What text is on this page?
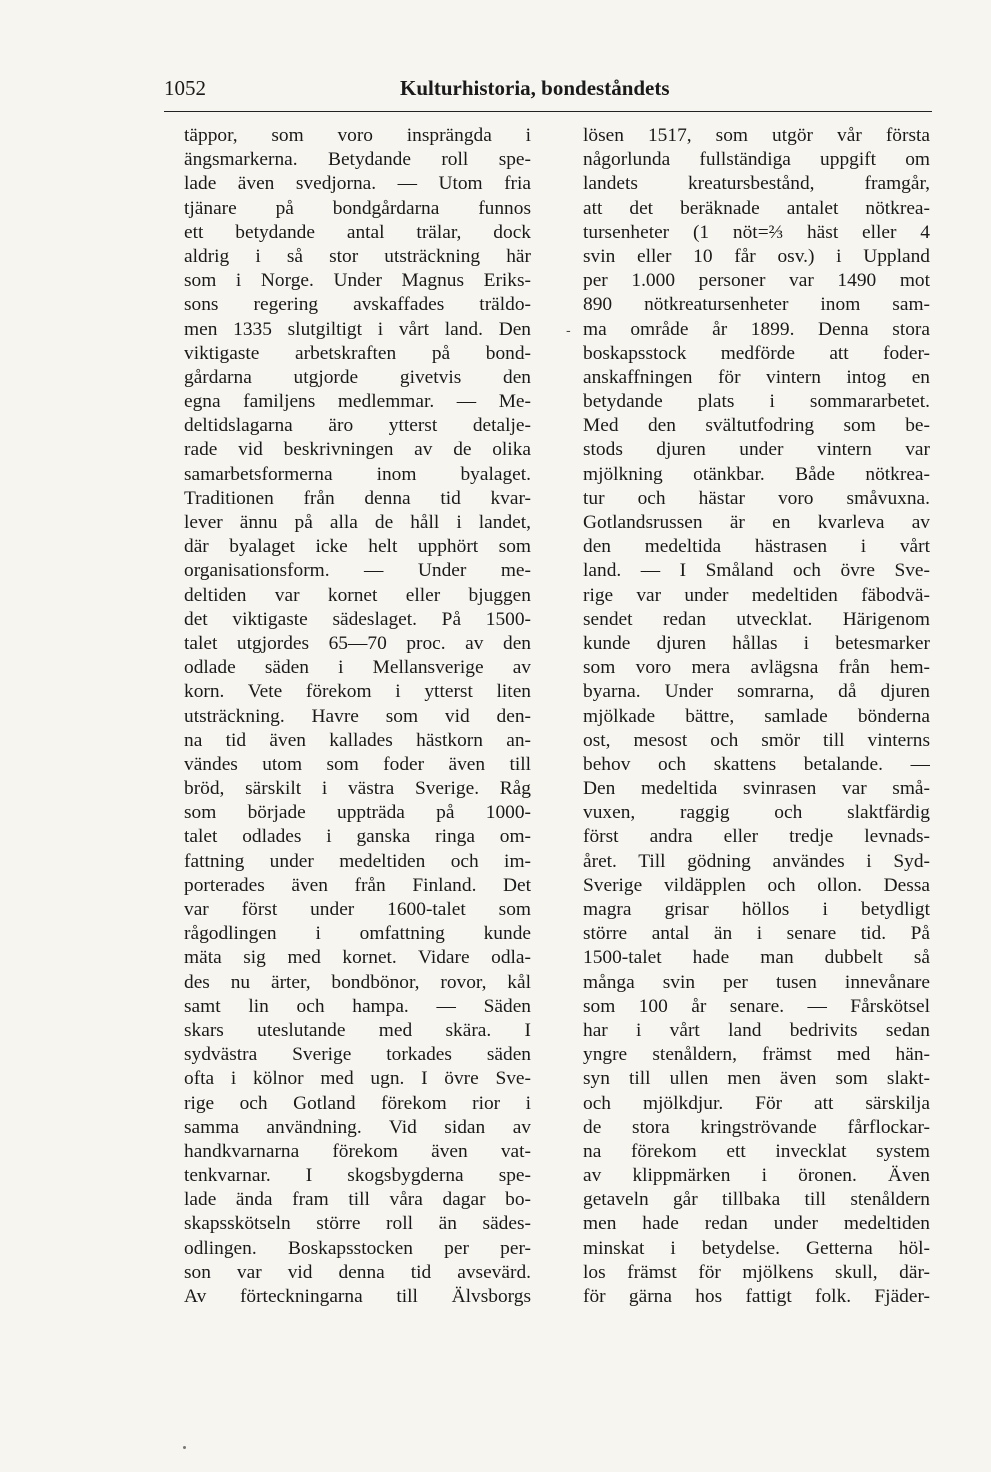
1052	Kulturhistoria, bondeståndets
täppor, som voro insprängda i
ängsmarkerna. Betydande roll spe-
lade även svedjorna. — Utom fria
tjänare på bondgårdarna funnos
ett betydande antal trälar, dock
aldrig i så stor utsträckning här
som i Norge. Under Magnus Eriks-
sons regering avskaffades träldo-
men 1335 slutgiltigt i vårt land. Den
viktigaste arbetskraften på bond-
gårdarna utgjorde givetvis den
egna familjens medlemmar. — Me-
deltidslagarna äro ytterst detalje-
rade vid beskrivningen av de olika
samarbetsformerna inom byalaget.
Traditionen från denna tid kvar-
lever ännu på alla de håll i landet,
där byalaget icke helt upphört som
organisationsform. — Under me-
deltiden var kornet eller bjuggen
det viktigaste sädeslaget. På 1500-
talet utgjordes 65—70 proc. av den
odlade säden i Mellansverige av
korn. Vete förekom i ytterst liten
utsträckning. Havre som vid den-
na tid även kallades hästkorn an-
vändes utom som foder även till
bröd, särskilt i västra Sverige. Råg
som började uppträda på 1000-
talet odlades i ganska ringa om-
fattning under medeltiden och im-
porterades även från Finland. Det
var först under 1600-talet som
rågodlingen i omfattning kunde
mäta sig med kornet. Vidare odla-
des nu ärter, bondbönor, rovor, kål
samt lin och hampa. — Säden
skars uteslutande med skära. I
sydvästra Sverige torkades säden
ofta i kölnor med ugn. I övre Sve-
rige och Gotland förekom rior i
samma användning. Vid sidan av
handkvarnarna förekom även vat-
tenkvarnar. I skogsbygderna spe-
lade ända fram till våra dagar bo-
skapsskötseln större roll än sädes-
odlingen. Boskapsstocken per per-
son var vid denna tid avsevärd.
Av förteckningarna till Älvsborgs
lösen 1517, som utgör vår första
någorlunda fullständiga uppgift om
landets kreatursbestånd, framgår,
att det beräknade antalet nötkrea-
tursenheter (1 nöt=⅔ häst eller 4
svin eller 10 får osv.) i Uppland
per 1.000 personer var 1490 mot
890 nötkreatursenheter inom sam-
ma område år 1899. Denna stora
boskapsstock medförde att foder-
anskaffningen för vintern intog en
betydande plats i sommararbetet.
Med den svältutfodring som be-
stods djuren under vintern var
mjölkning otänkbar. Både nötkrea-
tur och hästar voro småvuxna.
Gotlandsrussen är en kvarleva av
den medeltida hästrasen i vårt
land. — I Småland och övre Sve-
rige var under medeltiden fäbodvä-
sendet redan utvecklat. Härigenom
kunde djuren hållas i betesmarker
som voro mera avlägsna från hem-
byarna. Under somrarna, då djuren
mjölkade bättre, samlade bönderna
ost, mesost och smör till vinterns
behov och skattens betalande. —
Den medeltida svinrasen var små-
vuxen, raggig och slaktfärdig
först andra eller tredje levnads-
året. Till gödning användes i Syd-
Sverige vildäpplen och ollon. Dessa
magra grisar höllos i betydligt
större antal än i senare tid. På
1500-talet hade man dubbelt så
många svin per tusen innevånare
som 100 år senare. — Fårskötsel
har i vårt land bedrivits sedan
yngre stenåldern, främst med hän-
syn till ullen men även som slakt-
och mjölkdjur. För att särskilja
de stora kringströvande fårflockar-
na förekom ett invecklat system
av klippmärken i öronen. Även
getaveln går tillbaka till stenåldern
men hade redan under medeltiden
minskat i betydelse. Getterna höl-
los främst för mjölkens skull, där-
för gärna hos fattigt folk. Fjäder-
‐
